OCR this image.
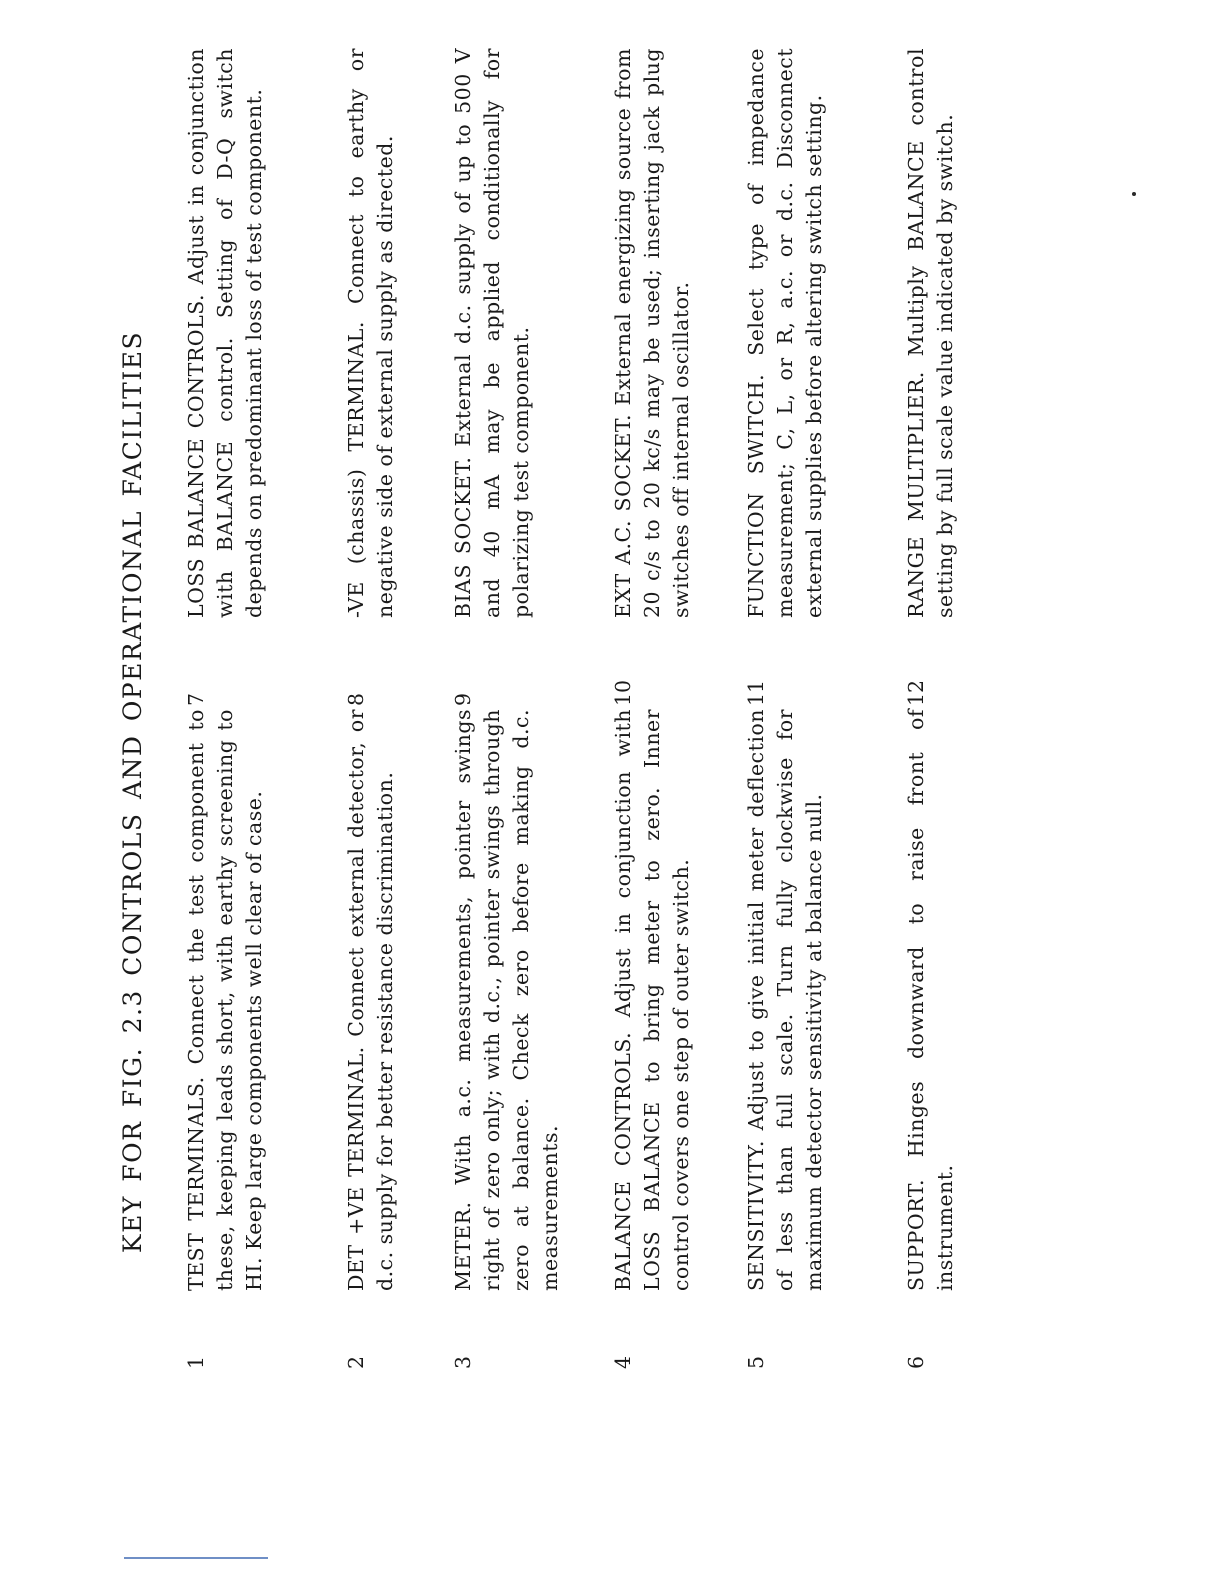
KEY FOR FIG. 2.3 CONTROLS AND OPERATIONAL FACILITIES
1
TEST TERMINALS. Connect the test component to these, keeping leads short, with earthy screening to HI. Keep large components well clear of case.
2
DET +VE TERMINAL. Connect external detector, or d.c. supply for better resistance discrimination.
3
METER. With a.c. measurements, pointer swings right of zero only; with d.c., pointer swings through zero at balance. Check zero before making d.c. measurements.
4
BALANCE CONTROLS. Adjust in conjunction with LOSS BALANCE to bring meter to zero. Inner control covers one step of outer switch.
5
SENSITIVITY. Adjust to give initial meter deflection of less than full scale. Turn fully clockwise for maximum detector sensitivity at balance null.
6
SUPPORT. Hinges downward to raise front of instrument.
7
LOSS BALANCE CONTROLS. Adjust in conjunction with BALANCE control. Setting of D-Q switch depends on predominant loss of test component.
8
-VE (chassis) TERMINAL. Connect to earthy or negative side of external supply as directed.
9
BIAS SOCKET. External d.c. supply of up to 500 V and 40 mA may be applied conditionally for polarizing test component.
10
EXT A.C. SOCKET. External energizing source from 20 c/s to 20 kc/s may be used; inserting jack plug switches off internal oscillator.
11
FUNCTION SWITCH. Select type of impedance measurement; C, L, or R, a.c. or d.c. Disconnect external supplies before altering switch setting.
12
RANGE MULTIPLIER. Multiply BALANCE control setting by full scale value indicated by switch.
